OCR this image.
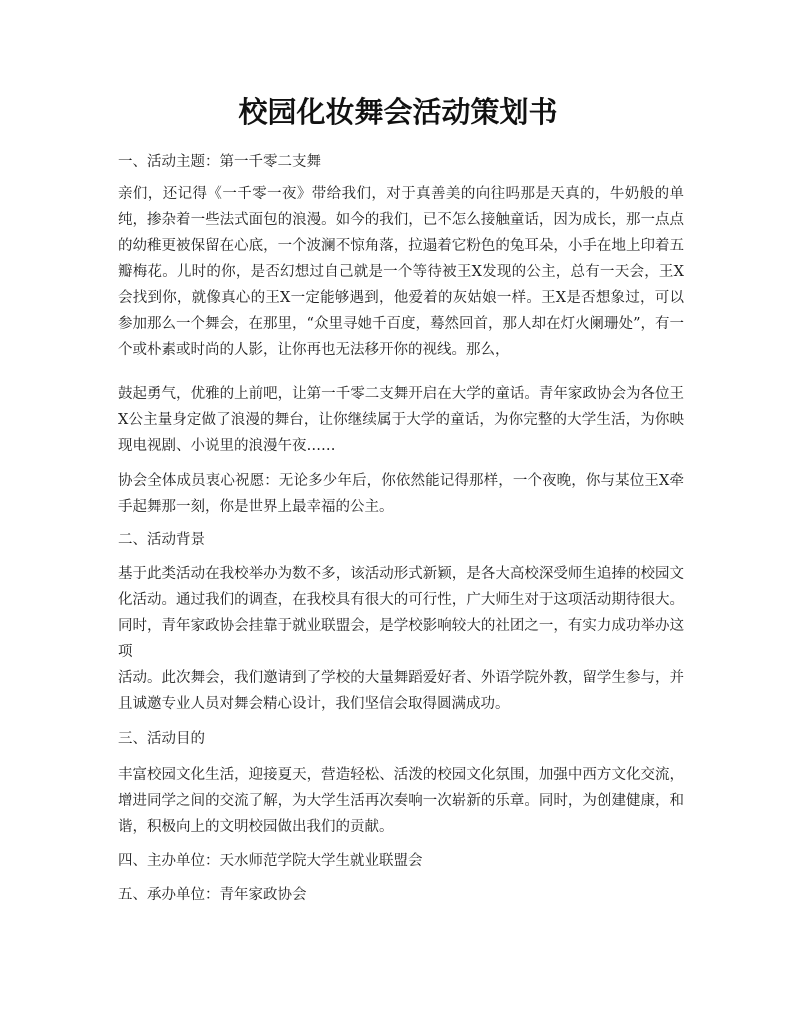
校园化妆舞会活动策划书

一、活动主题：第一千零二支舞

亲们，还记得《一千零一夜》带给我们，对于真善美的向往吗那是天真的，牛奶般的单纯，掺杂着一些法式面包的浪漫。如今的我们，已不怎么接触童话，因为成长，那一点点的幼稚更被保留在心底，一个波澜不惊角落，拉遢着它粉色的兔耳朵，小手在地上印着五瓣梅花。儿时的你，是否幻想过自己就是一个等待被王X发现的公主，总有一天会，王X会找到你，就像真心的王X一定能够遇到，他爱着的灰姑娘一样。王X是否想象过，可以参加那么一个舞会，在那里，“众里寻她千百度，蓦然回首，那人却在灯火阑珊处”，有一个或朴素或时尚的人影，让你再也无法移开你的视线。那么，

鼓起勇气，优雅的上前吧，让第一千零二支舞开启在大学的童话。青年家政协会为各位王X公主量身定做了浪漫的舞台，让你继续属于大学的童话，为你完整的大学生活，为你映现电视剧、小说里的浪漫午夜……

协会全体成员衷心祝愿：无论多少年后，你依然能记得那样，一个夜晚，你与某位王X牵手起舞那一刻，你是世界上最幸福的公主。

二、活动背景

基于此类活动在我校举办为数不多，该活动形式新颖，是各大高校深受师生追捧的校园文化活动。通过我们的调查，在我校具有很大的可行性，广大师生对于这项活动期待很大。同时，青年家政协会挂靠于就业联盟会，是学校影响较大的社团之一，有实力成功举办这项

活动。此次舞会，我们邀请到了学校的大量舞蹈爱好者、外语学院外教，留学生参与，并且诚邀专业人员对舞会精心设计，我们坚信会取得圆满成功。

三、活动目的

丰富校园文化生活，迎接夏天，营造轻松、活泼的校园文化氛围，加强中西方文化交流，增进同学之间的交流了解，为大学生活再次奏响一次崭新的乐章。同时，为创建健康，和谐，积极向上的文明校园做出我们的贡献。

四、主办单位：天水师范学院大学生就业联盟会

五、承办单位：青年家政协会
